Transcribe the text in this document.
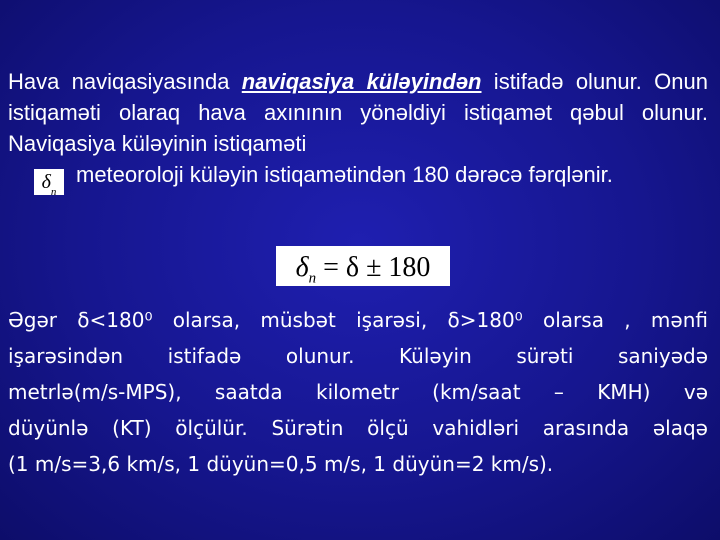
Hava naviqasiyasında naviqasiya küləyindən istifadə olunur. Onun istiqaməti olaraq hava axınının yönəldiyi istiqamət qəbul olunur. Naviqasiya küləyinin istiqaməti
$\delta_nmeteoroloji$ küləyin istiqamətindən 180 dərəcə fərqlənir.
$\delta_n = \delta \pm 180$
Əgər δ<180⁰ olarsa, müsbət işarəsi, δ>180⁰ olarsa , mənfi
işarəsindən istifadə olunur. Küləyin sürəti saniyədə
metrlə(m/s-MPS), saatda kilometr (km/saat – KMH) və
düyünlə (KT) ölçülür. Sürətin ölçü vahidləri arasında əlaqə
(1 m/s=3,6 km/s, 1 düyün=0,5 m/s, 1 düyün=2 km/s).
